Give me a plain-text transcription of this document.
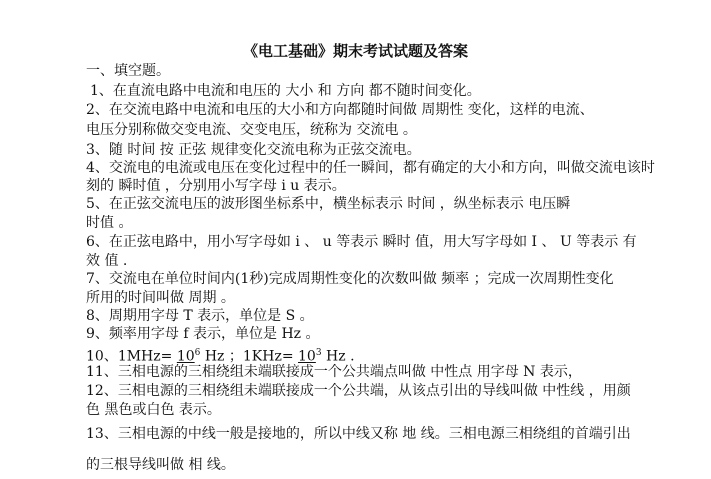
《电工基础》期末考试试题及答案
一、填空题。
1、在直流电路中电流和电压的 大小 和 方向 都不随时间变化。
2、在交流电路中电流和电压的大小和方向都随时间做 周期性 变化，这样的电流、
电压分别称做交变电流、交变电压，统称为 交流电 。
3、随 时间 按 正弦 规律变化交流电称为正弦交流电。
4、交流电的电流或电压在变化过程中的任一瞬间，都有确定的大小和方向，叫做交流电该时
刻的 瞬时值 ，分别用小写字母 i u 表示。
5、在正弦交流电压的波形图坐标系中，横坐标表示 时间 ，纵坐标表示 电压瞬
时值 。
6、在正弦电路中，用小写字母如 i 、 u 等表示 瞬时 值，用大写字母如 I 、 U 等表示 有
效 值 .
7、交流电在单位时间内(1秒)完成周期性变化的次数叫做 频率 ；完成一次周期性变化
所用的时间叫做 周期 。
8、周期用字母 T 表示，单位是 S 。
9、频率用字母 f 表示，单位是 Hz 。
10、$1MHz= 10^6$ Hz ；$1KHz= 10^3$ Hz .
11、三相电源的三相绕组未端联接成一个公共端点叫做 中性点 用字母 N 表示，
12、三相电源的三相绕组未端联接成一个公共端，从该点引出的导线叫做 中性线 ，用颜
色 黑色或白色 表示。
13、三相电源的中线一般是接地的，所以中线又称 地 线。三相电源三相绕组的首端引出
的三根导线叫做 相 线。
